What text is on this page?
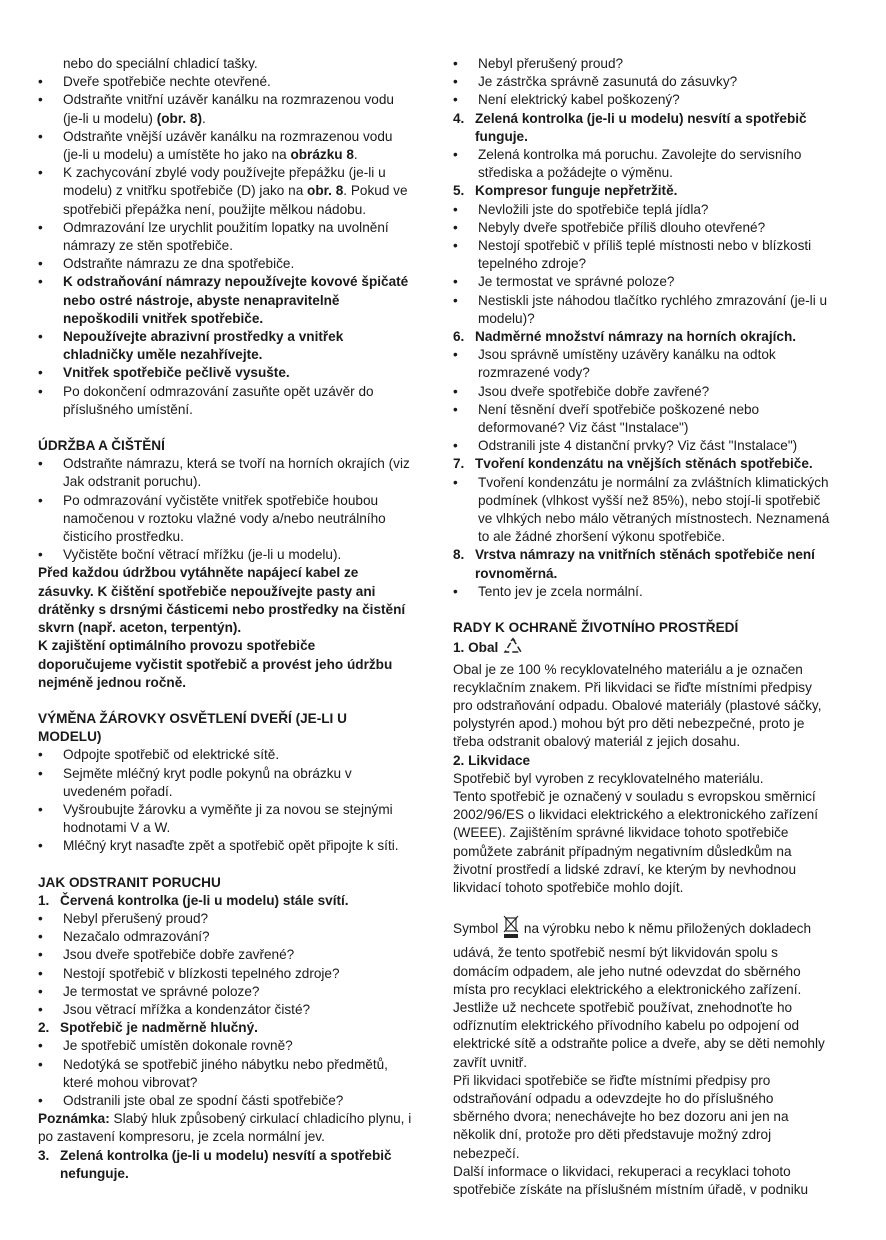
nebo do speciální chladicí tašky.
• Dveře spotřebiče nechte otevřené.
• Odstraňte vnitřní uzávěr kanálku na rozmrazenou vodu
(je-li u modelu) (obr. 8).
• Odstraňte vnější uzávěr kanálku na rozmrazenou vodu
(je-li u modelu) a umístěte ho jako na obrázku 8.
• K zachycování zbylé vody používejte přepážku (je-li u
modelu) z vnitřku spotřebiče (D) jako na obr. 8. Pokud ve
spotřebiči přepážka není, použijte mělkou nádobu.
• Odmrazování lze urychlit použitím lopatky na uvolnění
námrazy ze stěn spotřebiče.
• Odstraňte námrazu ze dna spotřebiče.
• K odstraňování námrazy nepoužívejte kovové špičaté
nebo ostré nástroje, abyste nenapravitelně
nepoškodili vnitřek spotřebiče.
• Nepoužívejte abrazivní prostředky a vnitřek
chladničky uměle nezahřívejte.
• Vnitřek spotřebiče pečlivě vysušte.
• Po dokončení odmrazování zasuňte opět uzávěr do
příslušného umístění.
ÚDRŽBA A ČIŠTĚNÍ
• Odstraňte námrazu, která se tvoří na horních okrajích (viz
Jak odstranit poruchu).
• Po odmrazování vyčistěte vnitřek spotřebiče houbou
namočenou v roztoku vlažné vody a/nebo neutrálního
čisticího prostředku.
• Vyčistěte boční větrací mřížku (je-li u modelu).
Před každou údržbou vytáhněte napájecí kabel ze
zásuvky. K čištění spotřebiče nepoužívejte pasty ani
drátěnky s drsnými částicemi nebo prostředky na čistění
skvrn (např. aceton, terpentýn).
K zajištění optimálního provozu spotřebiče
doporučujeme vyčistit spotřebič a provést jeho údržbu
nejméně jednou ročně.
VÝMĚNA ŽÁROVKY OSVĚTLENÍ DVEŘÍ (JE-LI U
MODELU)
• Odpojte spotřebič od elektrické sítě.
• Sejměte mléčný kryt podle pokynů na obrázku v
uvedeném pořadí.
• Vyšroubujte žárovku a vyměňte ji za novou se stejnými
hodnotami V a W.
• Mléčný kryt nasaďte zpět a spotřebič opět připojte k síti.
JAK ODSTRANIT PORUCHU
1. Červená kontrolka (je-li u modelu) stále svítí.
• Nebyl přerušený proud?
• Nezačalo odmrazování?
• Jsou dveře spotřebiče dobře zavřené?
• Nestojí spotřebič v blízkosti tepelného zdroje?
• Je termostat ve správné poloze?
• Jsou větrací mřížka a kondenzátor čisté?
2. Spotřebič je nadměrně hlučný.
• Je spotřebič umístěn dokonale rovně?
• Nedotýká se spotřebič jiného nábytku nebo předmětů,
které mohou vibrovat?
• Odstranili jste obal ze spodní části spotřebiče?
Poznámka: Slabý hluk způsobený cirkulací chladicího plynu, i
po zastavení kompresoru, je zcela normální jev.
3. Zelená kontrolka (je-li u modelu) nesvítí a spotřebič
nefunguje.
• Nebyl přerušený proud?
• Je zástrčka správně zasunutá do zásuvky?
• Není elektrický kabel poškozený?
4. Zelená kontrolka (je-li u modelu) nesvítí a spotřebič
funguje.
• Zelená kontrolka má poruchu. Zavolejte do servisního
střediska a požádejte o výměnu.
5. Kompresor funguje nepřetržitě.
• Nevložili jste do spotřebiče teplá jídla?
• Nebyly dveře spotřebiče příliš dlouho otevřené?
• Nestojí spotřebič v příliš teplé místnosti nebo v blízkosti
tepelného zdroje?
• Je termostat ve správné poloze?
• Nestiskli jste náhodou tlačítko rychlého zmrazování (je-li u
modelu)?
6. Nadměrné množství námrazy na horních okrajích.
• Jsou správně umístěny uzávěry kanálku na odtok
rozmrazené vody?
• Jsou dveře spotřebiče dobře zavřené?
• Není těsnění dveří spotřebiče poškozené nebo
deformované? Viz část "Instalace")
• Odstranili jste 4 distanční prvky? Viz část "Instalace")
7. Tvoření kondenzátu na vnějších stěnách spotřebiče.
• Tvoření kondenzátu je normální za zvláštních klimatických
podmínek (vlhkost vyšší než 85%), nebo stojí-li spotřebič
ve vlhkých nebo málo větraných místnostech. Neznamená
to ale žádné zhoršení výkonu spotřebiče.
8. Vrstva námrazy na vnitřních stěnách spotřebiče není
rovnoměrná.
• Tento jev je zcela normální.
RADY K OCHRANĚ ŽIVOTNÍHO PROSTŘEDÍ
1. Obal
Obal je ze 100 % recyklovatelného materiálu a je označen
recyklačním znakem. Při likvidaci se řiďte místními předpisy
pro odstraňování odpadu. Obalové materiály (plastové sáčky,
polystyrén apod.) mohou být pro děti nebezpečné, proto je
třeba odstranit obalový materiál z jejich dosahu.
2. Likvidace
Spotřebič byl vyroben z recyklovatelného materiálu.
Tento spotřebič je označený v souladu s evropskou směrnicí
2002/96/ES o likvidaci elektrického a elektronického zařízení
(WEEE). Zajištěním správné likvidace tohoto spotřebiče
pomůžete zabránit případným negativním důsledkům na
životní prostředí a lidské zdraví, ke kterým by nevhodnou
likvidací tohoto spotřebiče mohlo dojít.
Symbol  na výrobku nebo k němu přiložených dokladech
udává, že tento spotřebič nesmí být likvidován spolu s
domácím odpadem, ale jeho nutné odevzdat do sběrného
místa pro recyklaci elektrického a elektronického zařízení.
Jestliže už nechcete spotřebič používat, znehodnoťte ho
odříznutím elektrického přívodního kabelu po odpojení od
elektrické sítě a odstraňte police a dveře, aby se děti nemohly
zavřít uvnitř.
Při likvidaci spotřebiče se řiďte místními předpisy pro
odstraňování odpadu a odevzdejte ho do příslušného
sběrného dvora; nenechávejte ho bez dozoru ani jen na
několik dní, protože pro děti představuje možný zdroj
nebezpečí.
Další informace o likvidaci, rekuperaci a recyklaci tohoto
spotřebiče získáte na příslušném místním úřadě, v podniku
